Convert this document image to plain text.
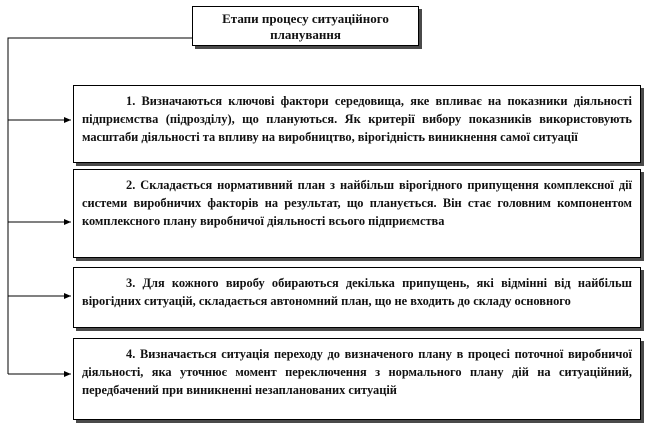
Етапи процесу ситуаційного
планування

1. Визначаються ключові фактори середовища, яке впливає на показники діяльності підприємства (підрозділу), що плануються. Як критерії вибору показників використовують масштаби діяльності та впливу на виробництво, вірогідність виникнення самої ситуації

2. Складається нормативний план з найбільш вірогідного припущення комплексної дії системи виробничих факторів на результат, що планується. Він стає головним компонентом комплексного плану виробничої діяльності всього підприємства

3. Для кожного виробу обираються декілька припущень, які відмінні від найбільш вірогідних ситуацій, складається автономний план, що не входить до складу основного

4. Визначається ситуація переходу до визначеного плану в процесі поточної виробничої діяльності, яка уточнює момент переключення з нормального плану дій на ситуаційний, передбачений при виникненні незапланованих ситуацій
